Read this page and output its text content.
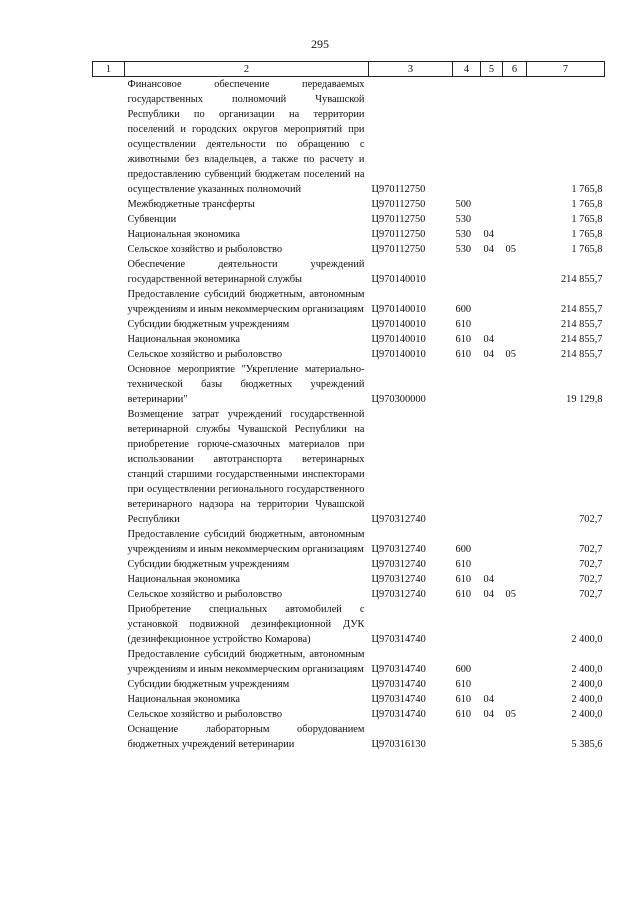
295
1	2	3	4	5	6	7
	Финансовое обеспечение передаваемых государственных полномочий Чувашской Республики по организации на территории поселений и городских округов мероприятий при осуществлении деятельности по обращению с животными без владельцев, а также по расчету и предоставлению субвенций бюджетам поселений на осуществление указанных полномочий	Ц970112750				1 765,8
	Межбюджетные трансферты	Ц970112750	500			1 765,8
	Субвенции	Ц970112750	530			1 765,8
	Национальная экономика	Ц970112750	530	04		1 765,8
	Сельское хозяйство и рыболовство	Ц970112750	530	04	05	1 765,8
	Обеспечение деятельности учреждений государственной ветеринарной службы	Ц970140010				214 855,7
	Предоставление субсидий бюджетным, автономным учреждениям и иным некоммерческим организациям	Ц970140010	600			214 855,7
	Субсидии бюджетным учреждениям	Ц970140010	610			214 855,7
	Национальная экономика	Ц970140010	610	04		214 855,7
	Сельское хозяйство и рыболовство	Ц970140010	610	04	05	214 855,7
	Основное мероприятие "Укрепление материально-технической базы бюджетных учреждений ветеринарии"	Ц970300000				19 129,8
	Возмещение затрат учреждений государственной ветеринарной службы Чувашской Республики на приобретение горюче-смазочных материалов при использовании автотранспорта ветеринарных станций старшими государственными инспекторами при осуществлении регионального государственного ветеринарного надзора на территории Чувашской Республики	Ц970312740				702,7
	Предоставление субсидий бюджетным, автономным учреждениям и иным некоммерческим организациям	Ц970312740	600			702,7
	Субсидии бюджетным учреждениям	Ц970312740	610			702,7
	Национальная экономика	Ц970312740	610	04		702,7
	Сельское хозяйство и рыболовство	Ц970312740	610	04	05	702,7
	Приобретение специальных автомобилей с установкой подвижной дезинфекционной ДУК (дезинфекционное устройство Комарова)	Ц970314740				2 400,0
	Предоставление субсидий бюджетным, автономным учреждениям и иным некоммерческим организациям	Ц970314740	600			2 400,0
	Субсидии бюджетным учреждениям	Ц970314740	610			2 400,0
	Национальная экономика	Ц970314740	610	04		2 400,0
	Сельское хозяйство и рыболовство	Ц970314740	610	04	05	2 400,0
	Оснащение лабораторным оборудованием бюджетных учреждений ветеринарии	Ц970316130				5 385,6
